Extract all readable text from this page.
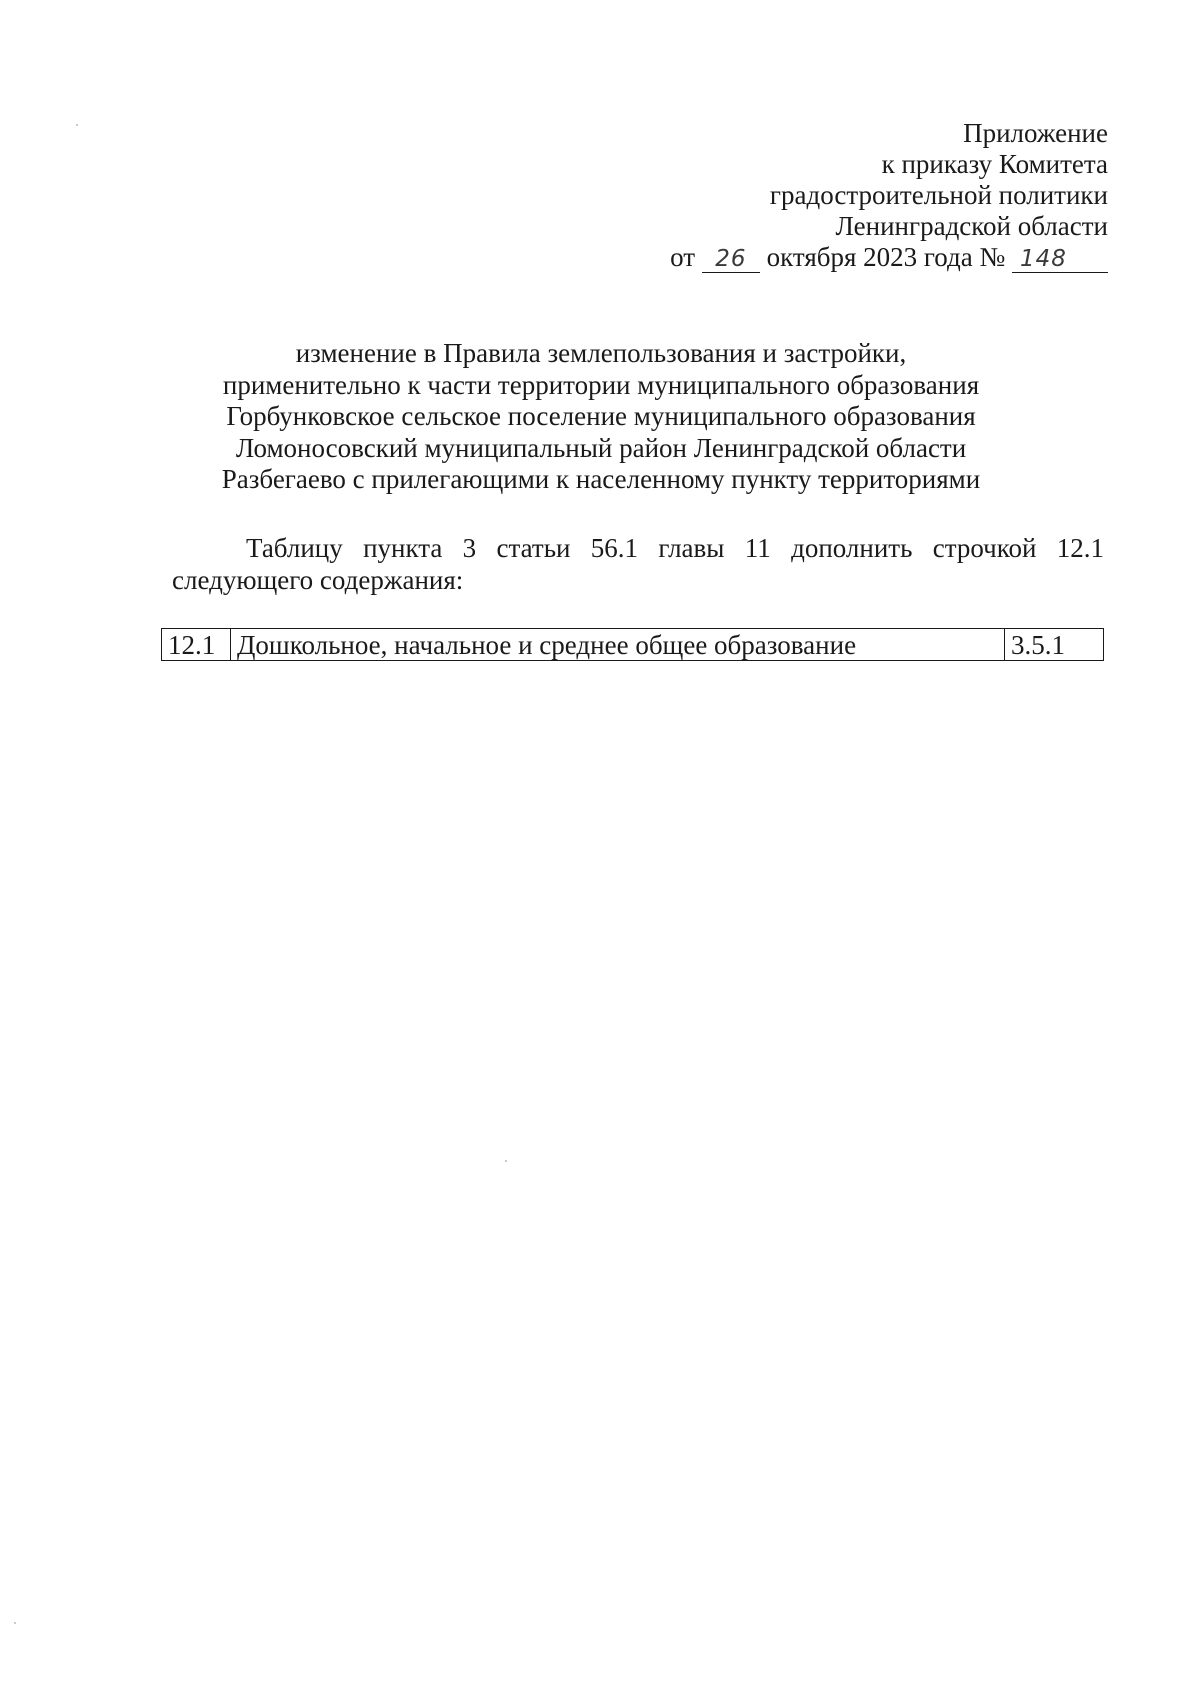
Приложение
к приказу Комитета
градостроительной политики
Ленинградской области
от 26 октября 2023 года № 148
изменение в Правила землепользования и застройки,
применительно к части территории муниципального образования
Горбунковское сельское поселение муниципального образования
Ломоносовский муниципальный район Ленинградской области
Разбегаево с прилегающими к населенному пункту территориями
Таблицу пункта 3 статьи 56.1 главы 11 дополнить строчкой 12.1 следующего содержания:
12.1	Дошкольное, начальное и среднее общее образование	3.5.1
